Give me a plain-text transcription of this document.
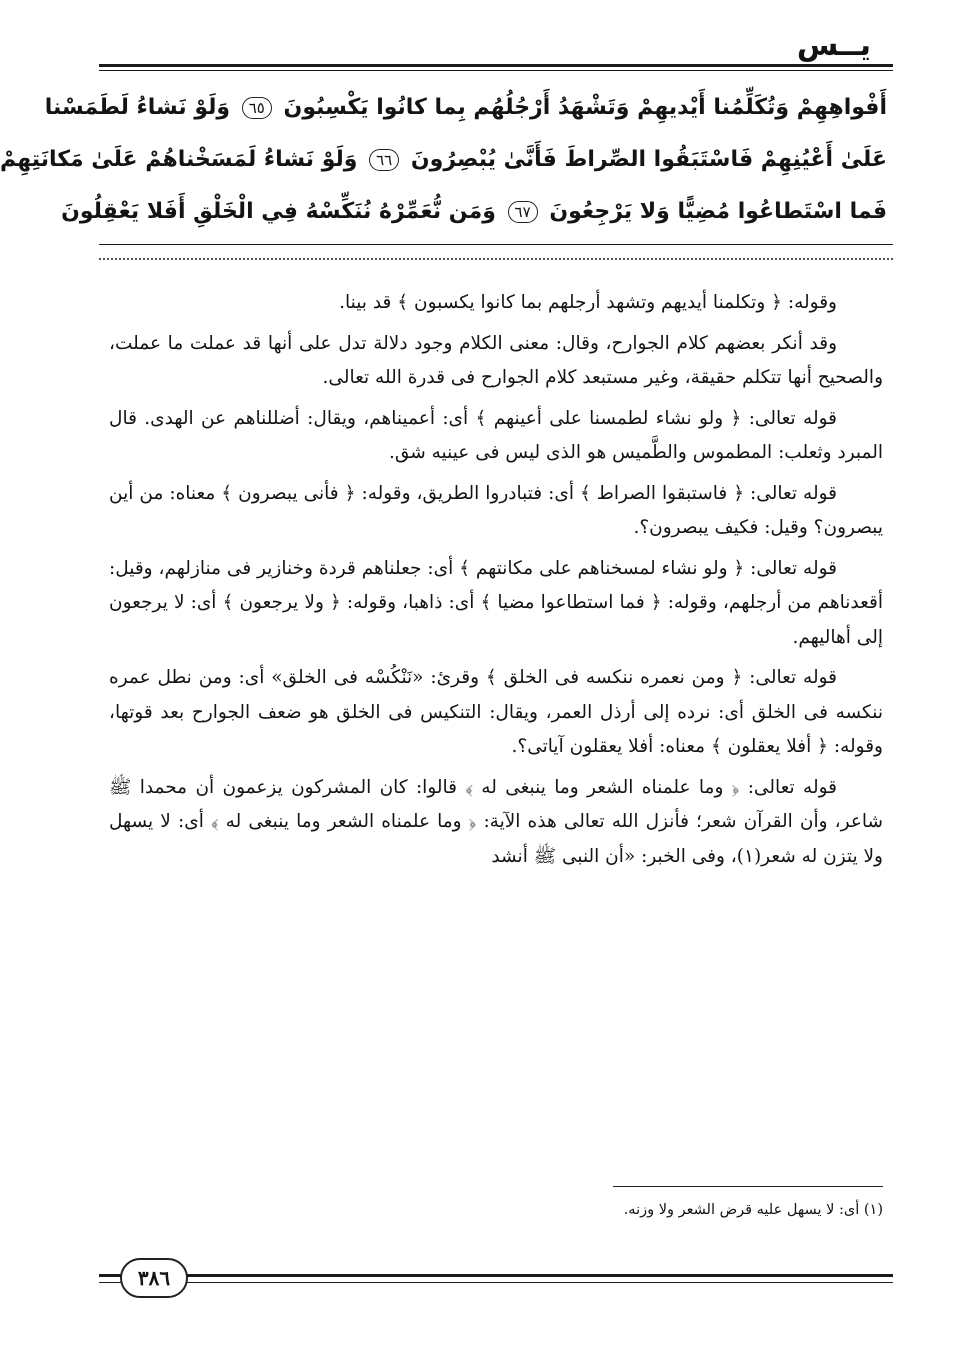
يــس
أَفْواهِهِمْ وَتُكَلِّمُنا أَيْديهِمْ وَتَشْهَدُ أَرْجُلُهُم بِما كانُوا يَكْسِبُونَ ٦٥ وَلَوْ نَشاءُ لَطَمَسْنا
عَلَىٰ أَعْيُنِهِمْ فَاسْتَبَقُوا الصِّراطَ فَأَنَّىٰ يُبْصِرُونَ ٦٦ وَلَوْ نَشاءُ لَمَسَخْناهُمْ عَلَىٰ مَكانَتِهِمْ
فَما اسْتَطاعُوا مُضِيًّا وَلا يَرْجِعُونَ ٦٧ وَمَن نُّعَمِّرْهُ نُنَكِّسْهُ فِي الْخَلْقِ أَفَلا يَعْقِلُونَ

وقوله: ﴿ وتكلمنا أيديهم وتشهد أرجلهم بما كانوا يكسبون ﴾ قد بينا.

وقد أنكر بعضهم كلام الجوارح، وقال: معنى الكلام وجود دلالة تدل على أنها قد عملت ما عملت، والصحيح أنها تتكلم حقيقة، وغير مستبعد كلام الجوارح فى قدرة الله تعالى.

قوله تعالى: ﴿ ولو نشاء لطمسنا على أعينهم ﴾ أى: أعميناهم، ويقال: أضللناهم عن الهدى. قال المبرد وثعلب: المطموس والطَّميس هو الذى ليس فى عينيه شق.

قوله تعالى: ﴿ فاستبقوا الصراط ﴾ أى: فتبادروا الطريق، وقوله: ﴿ فأنى يبصرون ﴾ معناه: من أين يبصرون؟ وقيل: فكيف يبصرون؟.

قوله تعالى: ﴿ ولو نشاء لمسخناهم على مكانتهم ﴾ أى: جعلناهم قردة وخنازير فى منازلهم، وقيل: أقعدناهم من أرجلهم، وقوله: ﴿ فما استطاعوا مضيا ﴾ أى: ذاهبا، وقوله: ﴿ ولا يرجعون ﴾ أى: لا يرجعون إلى أهاليهم.

قوله تعالى: ﴿ ومن نعمره ننكسه فى الخلق ﴾ وقرئ: «نَنْكُسْه فى الخلق» أى: ومن نطل عمره ننكسه فى الخلق أى: نرده إلى أرذل العمر، ويقال: التنكيس فى الخلق هو ضعف الجوارح بعد قوتها، وقوله: ﴿ أفلا يعقلون ﴾ معناه: أفلا يعقلون آياتى؟.

قوله تعالى: ﴿ وما علمناه الشعر وما ينبغى له ﴾ قالوا: كان المشركون يزعمون أن محمدا ﷺ شاعر، وأن القرآن شعر؛ فأنزل الله تعالى هذه الآية: ﴿ وما علمناه الشعر وما ينبغى له ﴾ أى: لا يسهل ولا يتزن له شعر(١)، وفى الخبر: «أن النبى ﷺ أنشد

(١) أى: لا يسهل عليه قرض الشعر ولا وزنه.
٣٨٦
